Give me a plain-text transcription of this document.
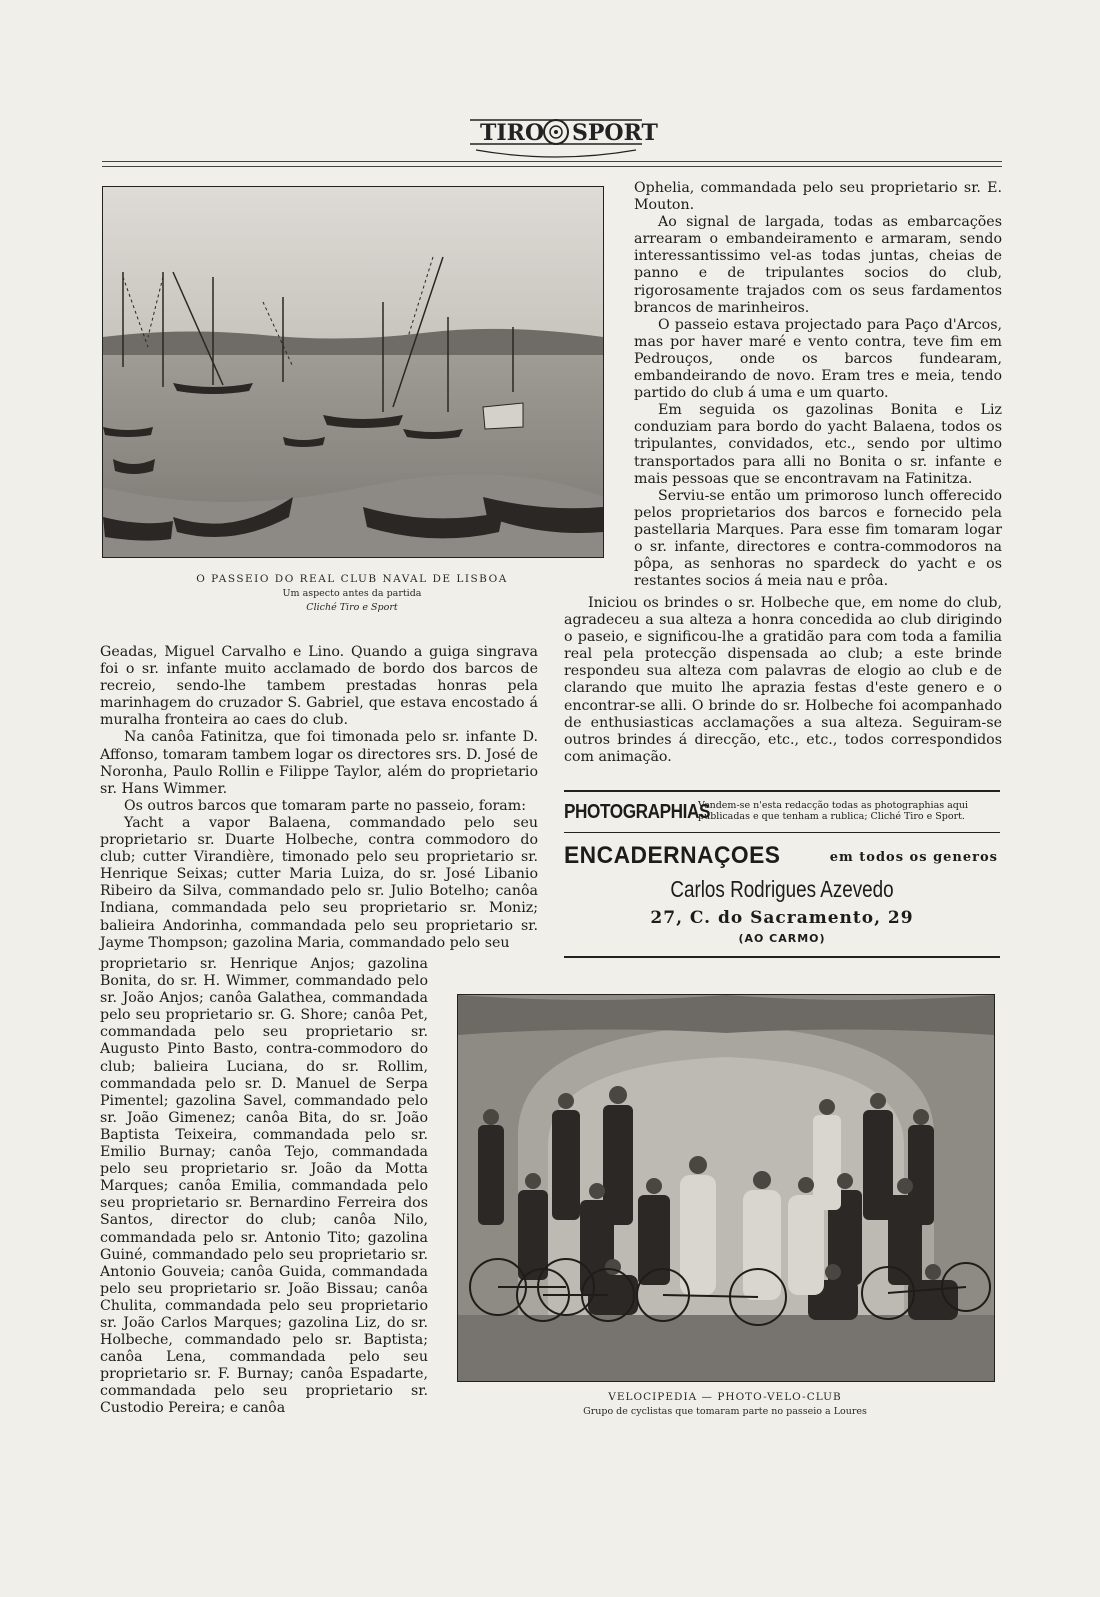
TIRO SPORT
O PASSEIO DO REAL CLUB NAVAL DE LISBOA
Um aspecto antes da partida
Cliché Tiro e Sport

Ophelia, commandada pelo seu proprietario sr. E. Mouton.

Ao signal de largada, todas as embarcações arrearam o embandeiramento e armaram, sendo interessantissimo vel-as todas juntas, cheias de panno e de tripulantes socios do club, rigorosamente trajados com os seus fardamentos brancos de marinheiros.

O passeio estava projectado para Paço d'Arcos, mas por haver maré e vento contra, teve fim em Pedrouços, onde os barcos fundearam, embandeirando de novo. Eram tres e meia, tendo partido do club á uma e um quarto.

Em seguida os gazolinas Bonita e Liz conduziam para bordo do yacht Balaena, todos os tripulantes, convidados, etc., sendo por ultimo transportados para alli no Bonita o sr. infante e mais pessoas que se encontravam na Fatinitza.

Serviu-se então um primoroso lunch offerecido pelos proprietarios dos barcos e fornecido pela pastellaria Marques. Para esse fim tomaram logar o sr. infante, directores e contra-commodoros na pôpa, as senhoras no spardeck do yacht e os restantes socios á meia nau e prôa.

Iniciou os brindes o sr. Holbeche que, em nome do club, agradeceu a sua alteza a honra concedida ao club dirigindo o paseio, e significou-lhe a gratidão para com toda a familia real pela protecção dispensada ao club; a este brinde respondeu sua alteza com palavras de elogio ao club e de clarando que muito lhe aprazia festas d'este genero e o encontrar-se alli. O brinde do sr. Holbeche foi acompanhado de enthusiasticas acclamações a sua alteza. Seguiram-se outros brindes á direcção, etc., etc., todos correspondidos com animação.

Geadas, Miguel Carvalho e Lino. Quando a guiga singrava foi o sr. infante muito acclamado de bordo dos barcos de recreio, sendo-lhe tambem prestadas honras pela marinhagem do cruzador S. Gabriel, que estava encostado á muralha fronteira ao caes do club.

Na canôa Fatinitza, que foi timonada pelo sr. infante D. Affonso, tomaram tambem logar os directores srs. D. José de Noronha, Paulo Rollin e Filippe Taylor, além do proprietario sr. Hans Wimmer.

Os outros barcos que tomaram parte no passeio, foram:

Yacht a vapor Balaena, commandado pelo seu proprietario sr. Duarte Holbeche, contra commodoro do club; cutter Virandière, timonado pelo seu proprietario sr. Henrique Seixas; cutter Maria Luiza, do sr. José Libanio Ribeiro da Silva, commandado pelo sr. Julio Botelho; canôa Indiana, commandada pelo seu proprietario sr. Moniz; balieira Andorinha, commandada pelo seu proprietario sr. Jayme Thompson; gazolina Maria, commandado pelo seu

proprietario sr. Henrique Anjos; gazolina Bonita, do sr. H. Wimmer, commandado pelo sr. João Anjos; canôa Galathea, commandada pelo seu proprietario sr. G. Shore; canôa Pet, commandada pelo seu proprietario sr. Augusto Pinto Basto, contra-commodoro do club; balieira Luciana, do sr. Rollim, commandada pelo sr. D. Manuel de Serpa Pimentel; gazolina Savel, commandado pelo sr. João Gimenez; canôa Bita, do sr. João Baptista Teixeira, commandada pelo sr. Emilio Burnay; canôa Tejo, commandada pelo seu proprietario sr. João da Motta Marques; canôa Emilia, commandada pelo seu proprietario sr. Bernardino Ferreira dos Santos, director do club; canôa Nilo, commandada pelo sr. Antonio Tito; gazolina Guiné, commandado pelo seu proprietario sr. Antonio Gouveia; canôa Guida, commandada pelo seu proprietario sr. João Bissau; canôa Chulita, commandada pelo seu proprietario sr. João Carlos Marques; gazolina Liz, do sr. Holbeche, commandado pelo sr. Baptista; canôa Lena, commandada pelo seu proprietario sr. F. Burnay; canôa Espadarte, commandada pelo seu proprietario sr. Custodio Pereira; e canôa

PHOTOGRAPHIAS
Vendem-se n'esta redacção todas as photographias aqui publicadas e que tenham a rublica; Cliché Tiro e Sport.
ENCADERNAÇOES	em todos os generos
Carlos Rodrigues Azevedo
27, C. do Sacramento, 29
(AO CARMO)
VELOCIPEDIA — PHOTO-VELO-CLUB
Grupo de cyclistas que tomaram parte no passeio a Loures
